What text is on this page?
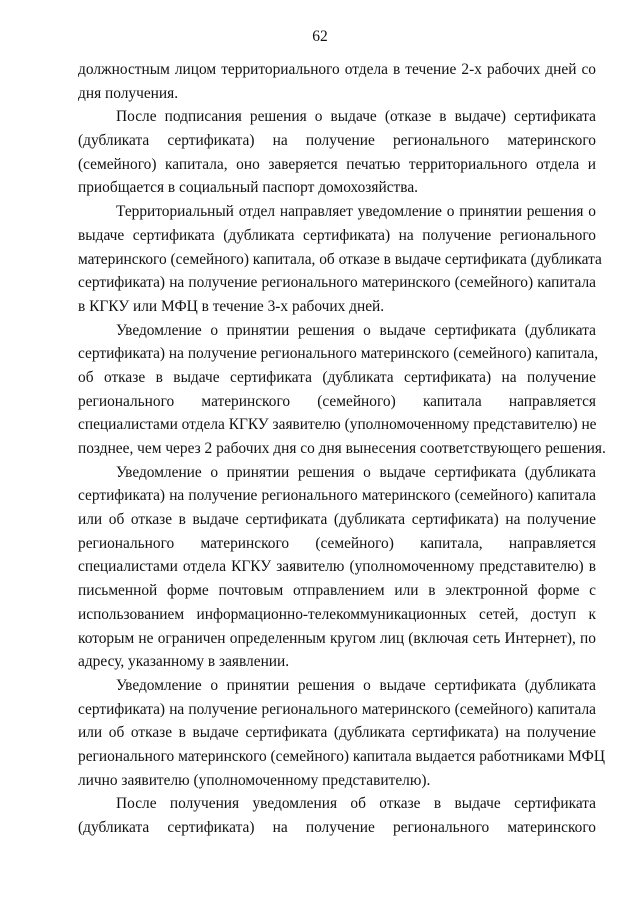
62
должностным лицом территориального отдела в течение 2-х рабочих дней со
дня получения.
После подписания решения о выдаче (отказе в выдаче) сертификата
(дубликата сертификата) на получение регионального материнского
(семейного) капитала, оно заверяется печатью территориального отдела и
приобщается в социальный паспорт домохозяйства.
Территориальный отдел направляет уведомление о принятии решения о
выдаче сертификата (дубликата сертификата) на получение регионального
материнского (семейного) капитала, об отказе в выдаче сертификата (дубликата
сертификата) на получение регионального материнского (семейного) капитала
в КГКУ или МФЦ в течение 3-х рабочих дней.
Уведомление о принятии решения о выдаче сертификата (дубликата
сертификата) на получение регионального материнского (семейного) капитала,
об отказе в выдаче сертификата (дубликата сертификата) на получение
регионального материнского (семейного) капитала направляется
специалистами отдела КГКУ заявителю (уполномоченному представителю) не
позднее, чем через 2 рабочих дня со дня вынесения соответствующего решения.
Уведомление о принятии решения о выдаче сертификата (дубликата
сертификата) на получение регионального материнского (семейного) капитала
или об отказе в выдаче сертификата (дубликата сертификата) на получение
регионального материнского (семейного) капитала, направляется
специалистами отдела КГКУ заявителю (уполномоченному представителю) в
письменной форме почтовым отправлением или в электронной форме с
использованием информационно-телекоммуникационных сетей, доступ к
которым не ограничен определенным кругом лиц (включая сеть Интернет), по
адресу, указанному в заявлении.
Уведомление о принятии решения о выдаче сертификата (дубликата
сертификата) на получение регионального материнского (семейного) капитала
или об отказе в выдаче сертификата (дубликата сертификата) на получение
регионального материнского (семейного) капитала выдается работниками МФЦ
лично заявителю (уполномоченному представителю).
После получения уведомления об отказе в выдаче сертификата
(дубликата сертификата) на получение регионального материнского
